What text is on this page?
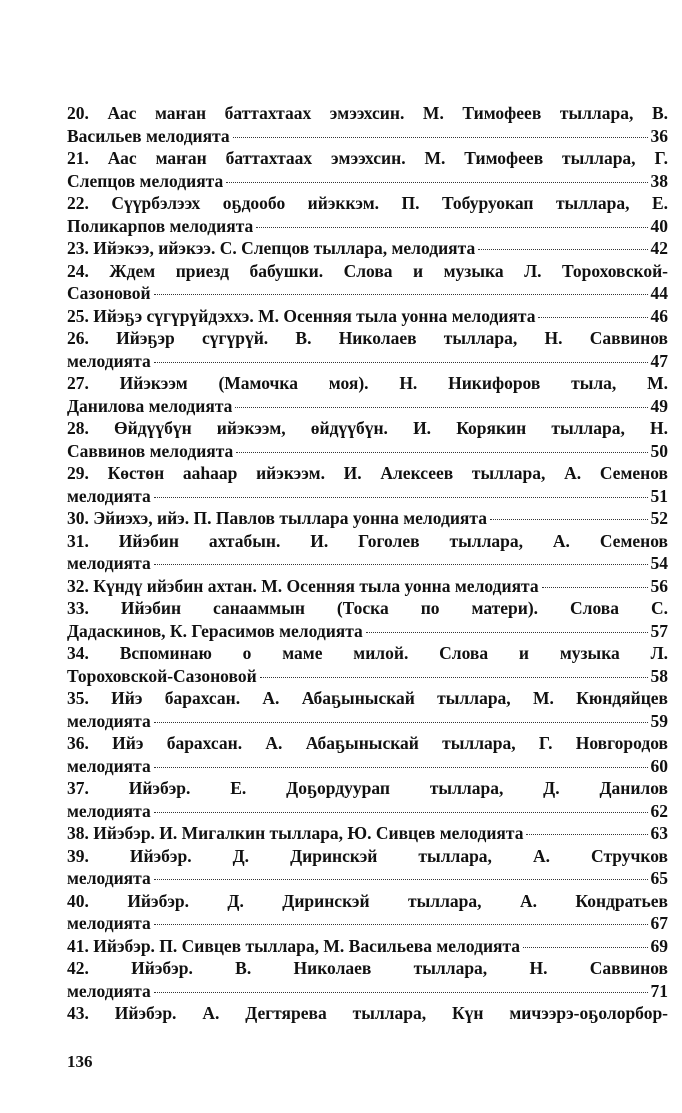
20. Аас маҥан баттахтаах эмээхсин. М. Тимофеев тыллара, В.
Васильев мелодията	36
21. Аас маҥан баттахтаах эмээхсин. М. Тимофеев тыллара, Г.
Слепцов мелодията	38
22. Сүүрбэлээх оҕдообо ийэккэм. П. Тобуруокап тыллара, Е.
Поликарпов мелодията	40
23. Ийэкээ, ийэкээ. С. Слепцов тыллара, мелодията	42
24. Ждем приезд бабушки. Слова и музыка Л. Тороховской-
Сазоновой	44
25. Ийэҕэ сүгүрүйдэххэ. М. Осенняя тыла уонна мелодията	46
26. Ийэҕэр сүгүрүй. В. Николаев тыллара, Н. Саввинов
мелодията	47
27. Ийэкээм (Мамочка моя). Н. Никифоров тыла, М.
Данилова мелодията	49
28. Өйдүүбүн ийэкээм, өйдүүбүн. И. Корякин тыллара, Н.
Саввинов мелодията	50
29. Көстөн ааһаар ийэкээм. И. Алексеев тыллара, А. Семенов
мелодията	51
30. Эйиэхэ, ийэ. П. Павлов тыллара уонна мелодията	52
31. Ийэбин ахтабын. И. Гоголев тыллара, А. Семенов
мелодията	54
32. Күндү ийэбин ахтан. М. Осенняя тыла уонна мелодията	56
33. Ийэбин санааммын (Тоска по матери). Слова С.
Дадаскинов, К. Герасимов мелодията	57
34. Вспоминаю о маме милой. Слова и музыка Л.
Тороховской-Сазоновой	58
35. Ийэ барахсан. А. Абаҕыныскай тыллара, М. Кюндяйцев
мелодията	59
36. Ийэ барахсан. А. Абаҕыныскай тыллара, Г. Новгородов
мелодията	60
37. Ийэбэр. Е. Доҕордуурап тыллара, Д. Данилов
мелодията	62
38. Ийэбэр. И. Мигалкин тыллара, Ю. Сивцев мелодията	63
39. Ийэбэр. Д. Диринскэй тыллара, А. Стручков
мелодията	65
40. Ийэбэр. Д. Диринскэй тыллара, А. Кондратьев
мелодията	67
41. Ийэбэр. П. Сивцев тыллара, М. Васильева мелодията	69
42. Ийэбэр. В. Николаев тыллара, Н. Саввинов
мелодията	71
43. Ийэбэр. А. Дегтярева тыллара, Күн мичээрэ-оҕолорбор-
136
